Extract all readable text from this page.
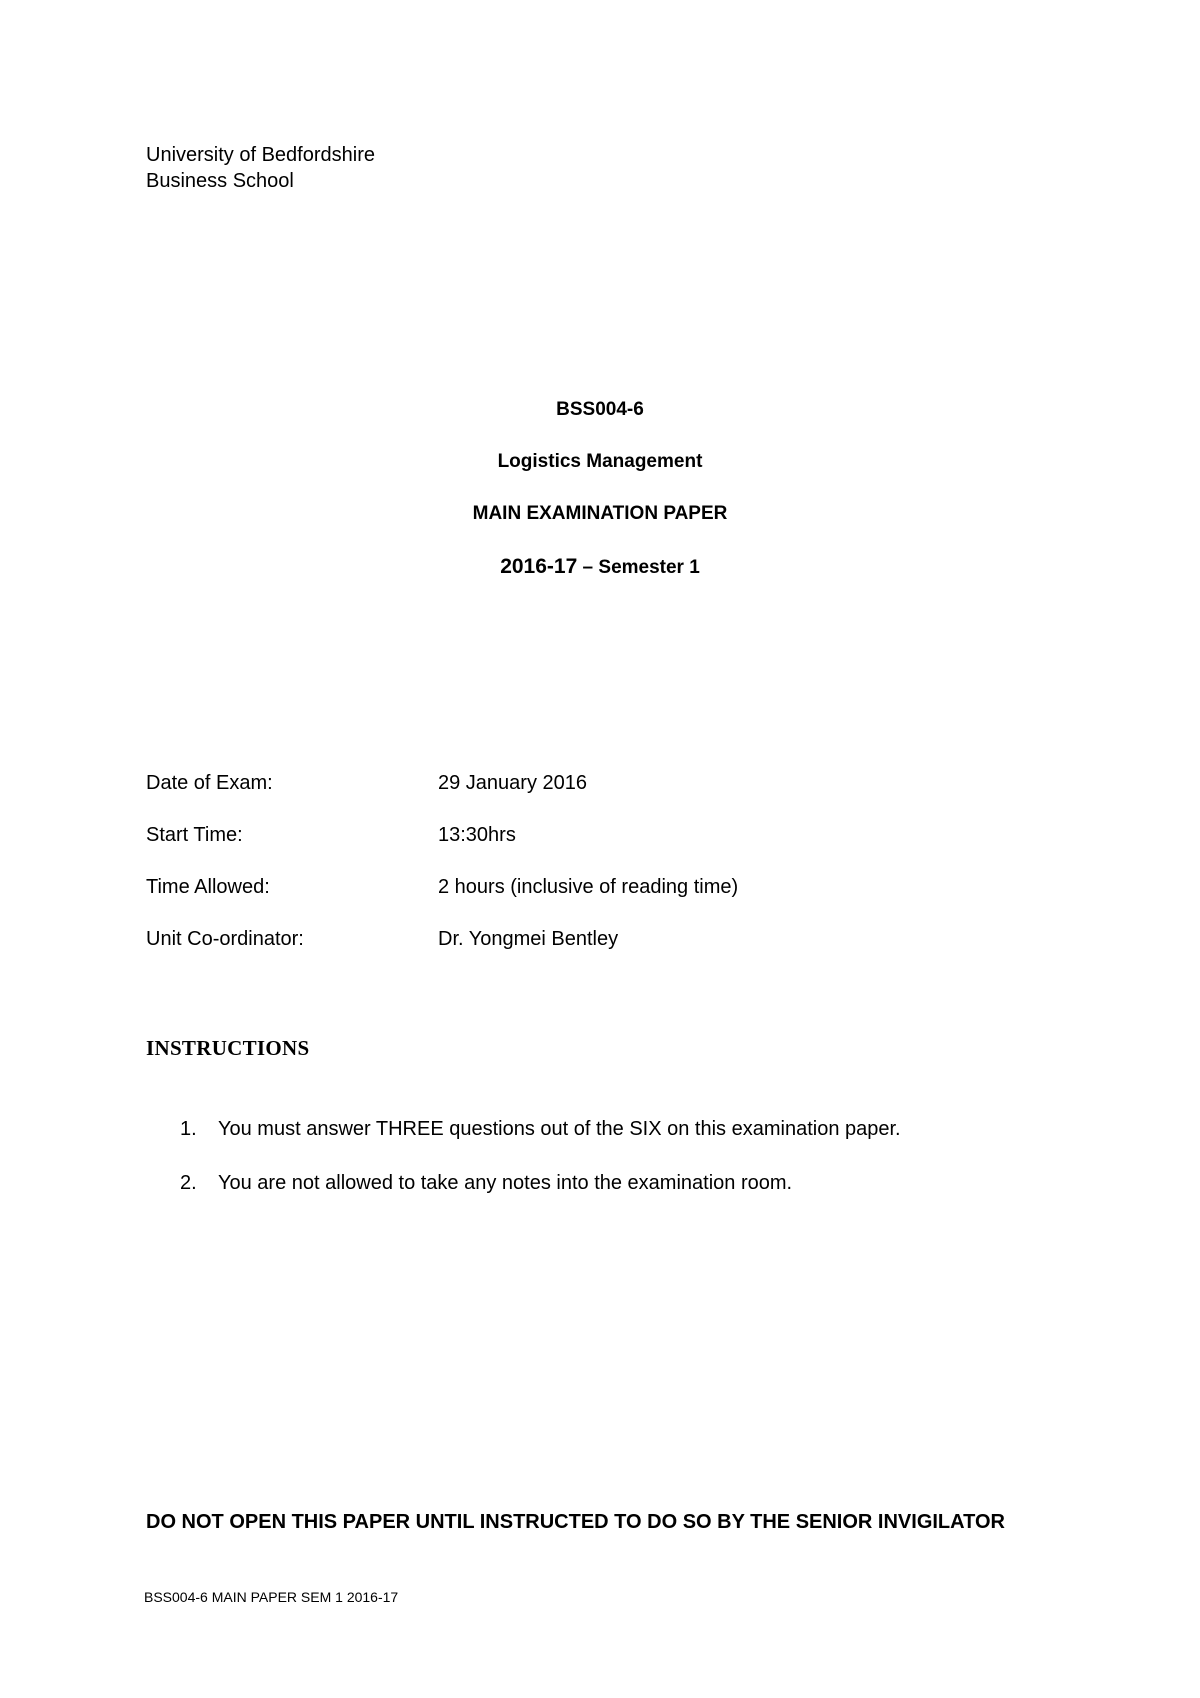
University of Bedfordshire
Business School
BSS004-6
Logistics Management
MAIN EXAMINATION PAPER
2016-17 – Semester 1
Date of Exam:	29 January 2016
Start Time:	13:30hrs
Time Allowed:	2 hours (inclusive of reading time)
Unit Co-ordinator:	Dr. Yongmei Bentley
INSTRUCTIONS
1. You must answer THREE questions out of the SIX on this examination paper.
2. You are not allowed to take any notes into the examination room.
DO NOT OPEN THIS PAPER UNTIL INSTRUCTED TO DO SO BY THE SENIOR INVIGILATOR
BSS004-6 MAIN PAPER SEM 1 2016-17
